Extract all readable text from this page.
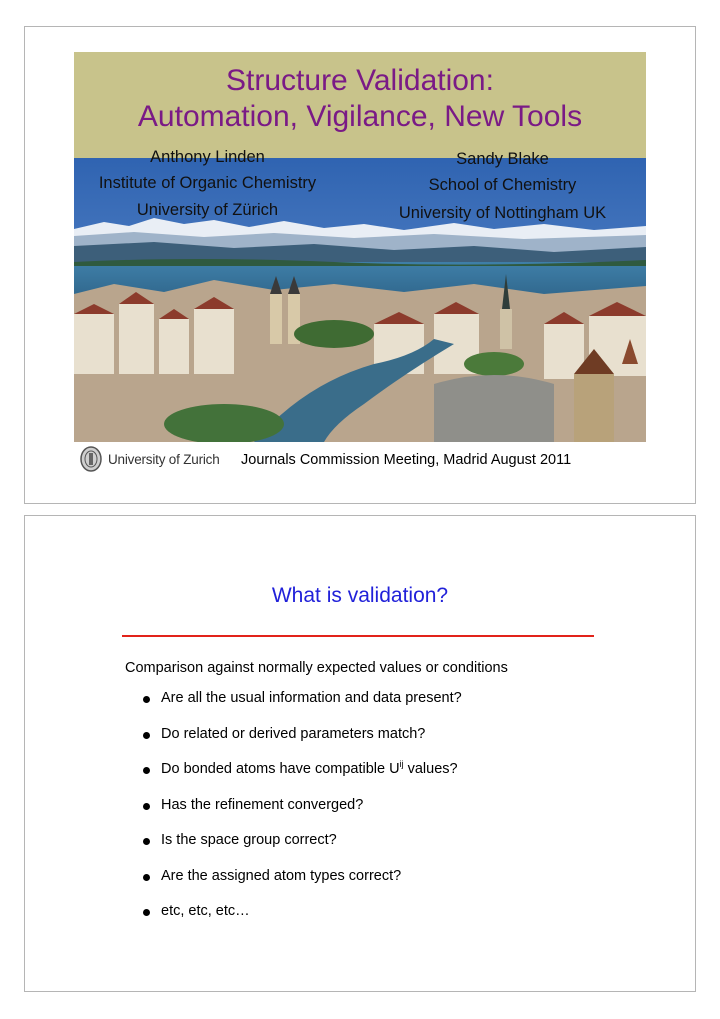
Structure Validation:
Automation, Vigilance, New Tools
Anthony Linden
Institute of Organic Chemistry
University of Zürich
Sandy Blake
School of Chemistry
University of Nottingham UK
University of Zurich Journals Commission Meeting, Madrid August 2011
What is validation?
Comparison against normally expected values or conditions
Are all the usual information and data present?
Do related or derived parameters match?
Do bonded atoms have compatible $U^{ij}$ values?
Has the refinement converged?
Is the space group correct?
Are the assigned atom types correct?
etc, etc, etc…
